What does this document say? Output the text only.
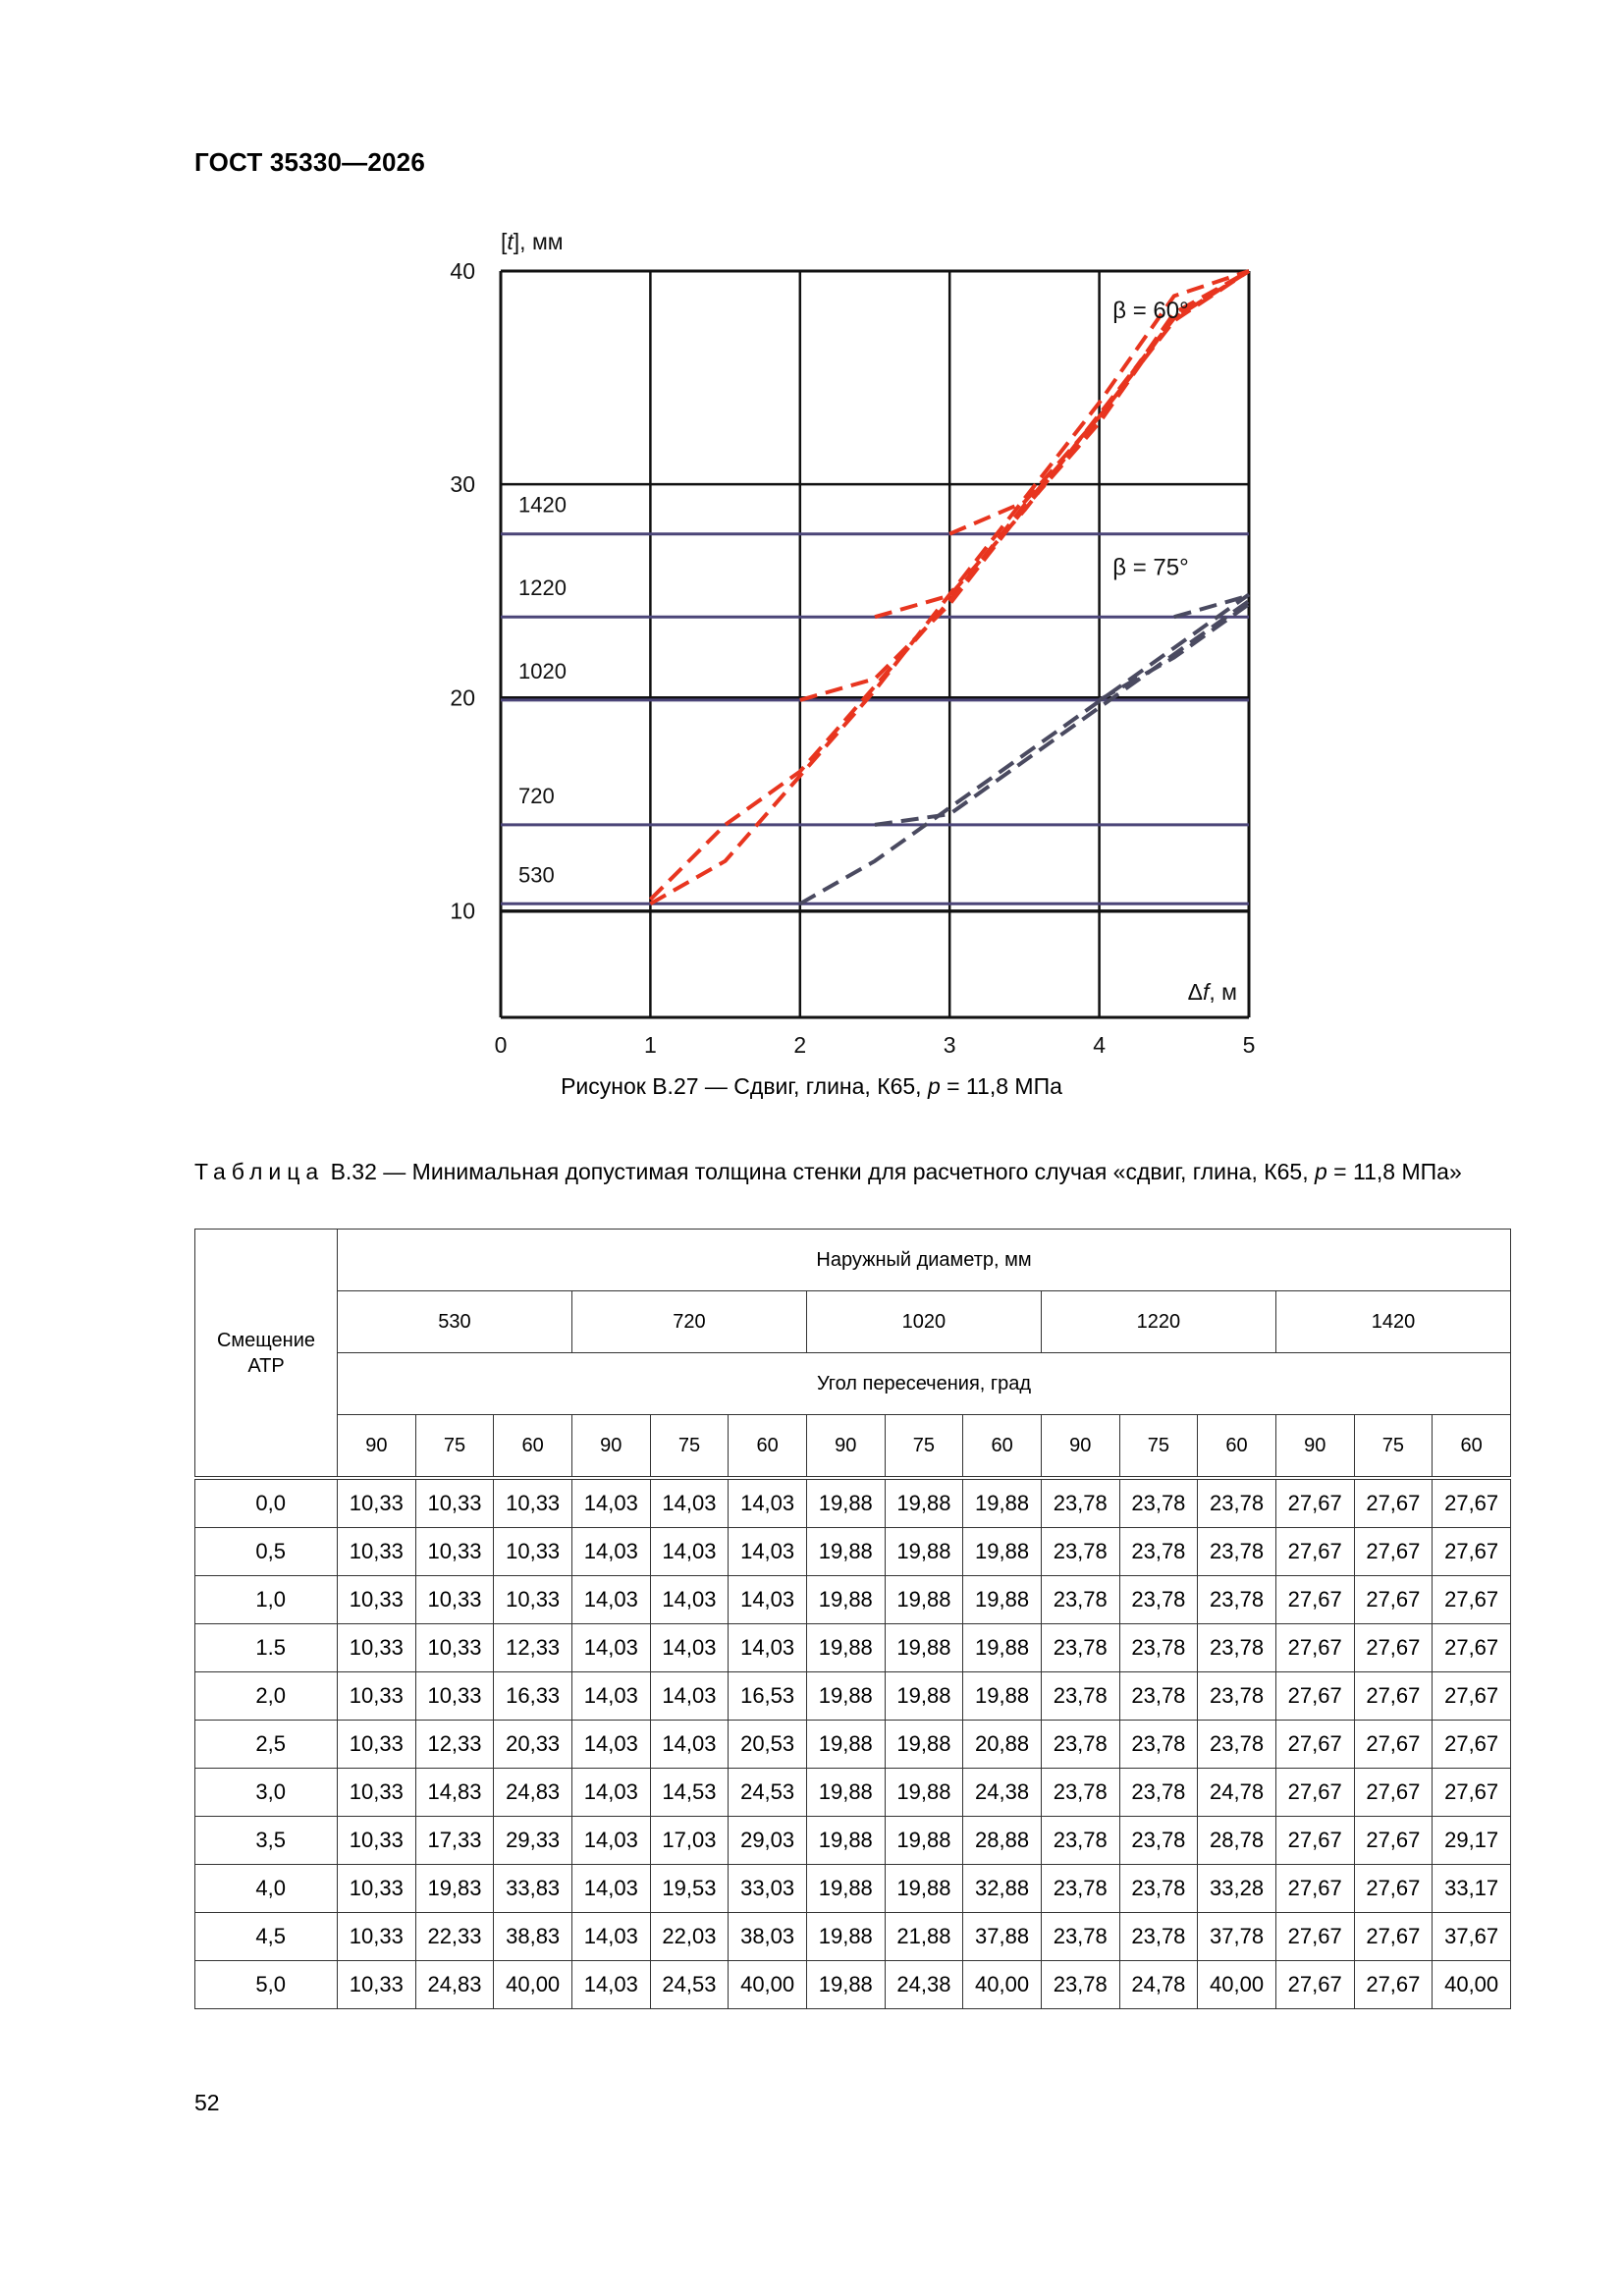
ГОСТ 35330—2026
1420
1220
1020
720
530
β = 60°
β = 75°
40
30
20
10
0	1	2	3	4	5
[t], мм
Δf, м
Рисунок В.27 — Сдвиг, глина, К65, p = 11,8 МПа
Таблица В.32 — Минимальная допустимая толщина стенки для расчетного случая «сдвиг, глина, К65, p = 11,8 МПа»
Смещение
АТР	Наружный диаметр, мм														
	530			720			1020			1220			1420		
	Угол пересечения, град														
	90	75	60	90	75	60	90	75	60	90	75	60	90	75	60
0,0	10,33	10,33	10,33	14,03	14,03	14,03	19,88	19,88	19,88	23,78	23,78	23,78	27,67	27,67	27,67
0,5	10,33	10,33	10,33	14,03	14,03	14,03	19,88	19,88	19,88	23,78	23,78	23,78	27,67	27,67	27,67
1,0	10,33	10,33	10,33	14,03	14,03	14,03	19,88	19,88	19,88	23,78	23,78	23,78	27,67	27,67	27,67
1.5	10,33	10,33	12,33	14,03	14,03	14,03	19,88	19,88	19,88	23,78	23,78	23,78	27,67	27,67	27,67
2,0	10,33	10,33	16,33	14,03	14,03	16,53	19,88	19,88	19,88	23,78	23,78	23,78	27,67	27,67	27,67
2,5	10,33	12,33	20,33	14,03	14,03	20,53	19,88	19,88	20,88	23,78	23,78	23,78	27,67	27,67	27,67
3,0	10,33	14,83	24,83	14,03	14,53	24,53	19,88	19,88	24,38	23,78	23,78	24,78	27,67	27,67	27,67
3,5	10,33	17,33	29,33	14,03	17,03	29,03	19,88	19,88	28,88	23,78	23,78	28,78	27,67	27,67	29,17
4,0	10,33	19,83	33,83	14,03	19,53	33,03	19,88	19,88	32,88	23,78	23,78	33,28	27,67	27,67	33,17
4,5	10,33	22,33	38,83	14,03	22,03	38,03	19,88	21,88	37,88	23,78	23,78	37,78	27,67	27,67	37,67
5,0	10,33	24,83	40,00	14,03	24,53	40,00	19,88	24,38	40,00	23,78	24,78	40,00	27,67	27,67	40,00
52
